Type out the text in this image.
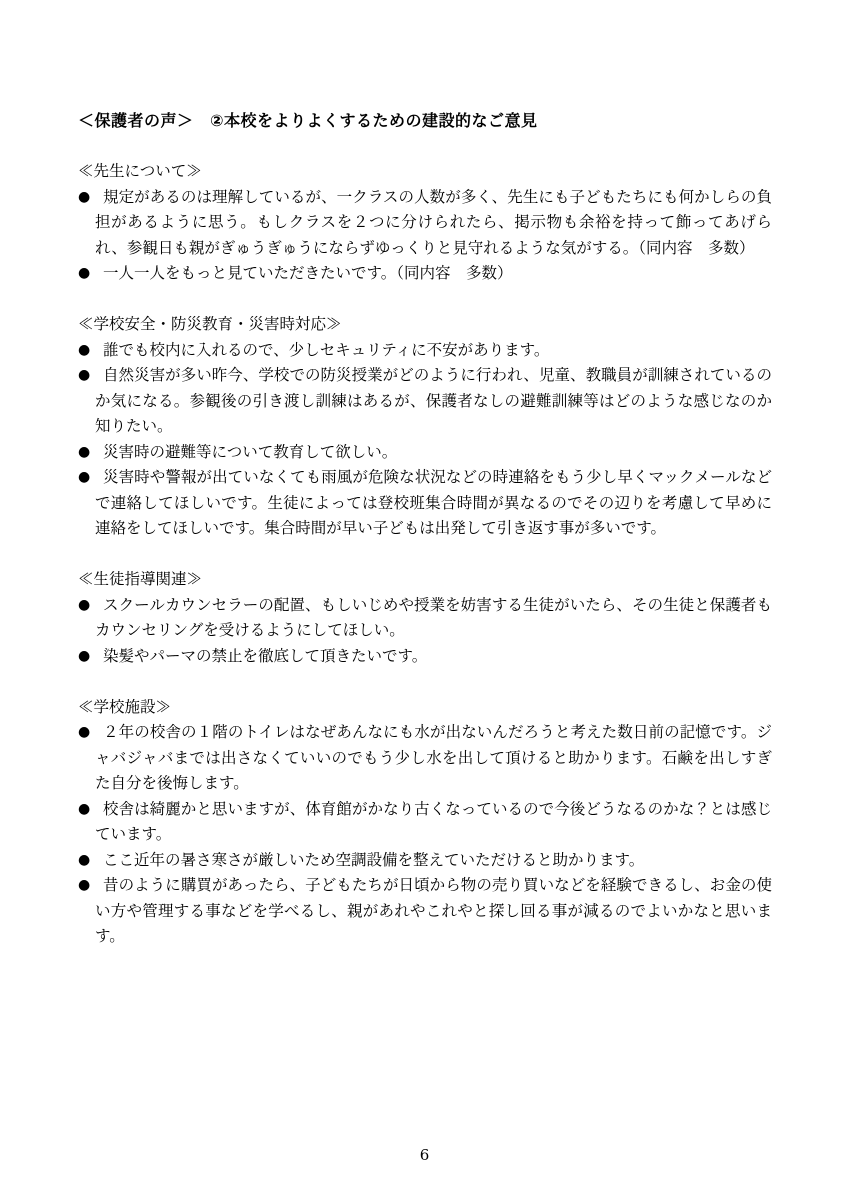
＜保護者の声＞　②本校をよりよくするための建設的なご意見
≪先生について≫
● 規定があるのは理解しているが、一クラスの人数が多く、先生にも子どもたちにも何かしらの負担があるように思う。もしクラスを２つに分けられたら、掲示物も余裕を持って飾ってあげられ、参観日も親がぎゅうぎゅうにならずゆっくりと見守れるような気がする。（同内容　多数）
● 一人一人をもっと見ていただきたいです。（同内容　多数）
≪学校安全・防災教育・災害時対応≫
● 誰でも校内に入れるので、少しセキュリティに不安があります。
● 自然災害が多い昨今、学校での防災授業がどのように行われ、児童、教職員が訓練されているのか気になる。参観後の引き渡し訓練はあるが、保護者なしの避難訓練等はどのような感じなのか知りたい。
● 災害時の避難等について教育して欲しい。
● 災害時や警報が出ていなくても雨風が危険な状況などの時連絡をもう少し早くマックメールなどで連絡してほしいです。生徒によっては登校班集合時間が異なるのでその辺りを考慮して早めに連絡をしてほしいです。集合時間が早い子どもは出発して引き返す事が多いです。
≪生徒指導関連≫
● スクールカウンセラーの配置、もしいじめや授業を妨害する生徒がいたら、その生徒と保護者もカウンセリングを受けるようにしてほしい。
● 染髪やパーマの禁止を徹底して頂きたいです。
≪学校施設≫
● ２年の校舎の１階のトイレはなぜあんなにも水が出ないんだろうと考えた数日前の記憶です。ジャバジャバまでは出さなくていいのでもう少し水を出して頂けると助かります。石鹸を出しすぎた自分を後悔します。
● 校舎は綺麗かと思いますが、体育館がかなり古くなっているので今後どうなるのかな？とは感じています。
● ここ近年の暑さ寒さが厳しいため空調設備を整えていただけると助かります。
● 昔のように購買があったら、子どもたちが日頃から物の売り買いなどを経験できるし、お金の使い方や管理する事などを学べるし、親があれやこれやと探し回る事が減るのでよいかなと思います。
6
